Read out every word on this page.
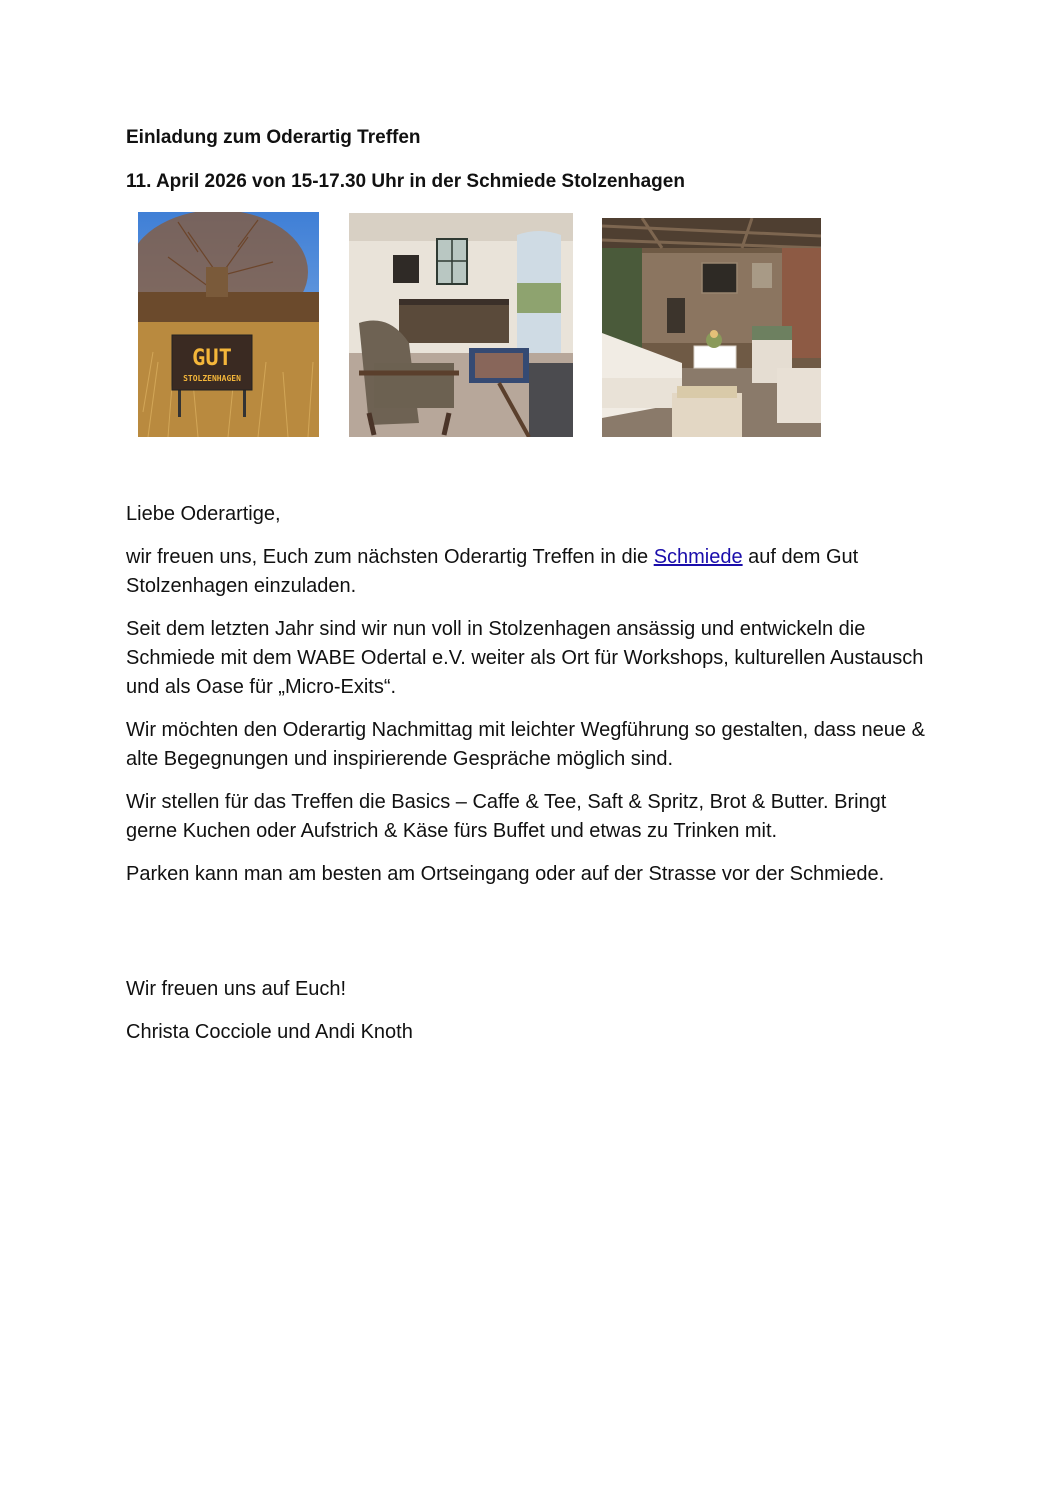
Einladung zum Oderartig Treffen
11. April 2026 von 15-17.30 Uhr in der Schmiede Stolzenhagen
GUT
STOLZENHAGEN

Liebe Oderartige,

wir freuen uns, Euch zum nächsten Oderartig Treffen in die Schmiede auf dem Gut Stolzenhagen einzuladen.

Seit dem letzten Jahr sind wir nun voll in Stolzenhagen ansässig und entwickeln die Schmiede mit dem WABE Odertal e.V. weiter als Ort für Workshops, kulturellen Austausch und als Oase für „Micro-Exits“.

Wir möchten den Oderartig Nachmittag mit leichter Wegführung so gestalten, dass neue & alte Begegnungen und inspirierende Gespräche möglich sind.

Wir stellen für das Treffen die Basics – Caffe & Tee, Saft & Spritz, Brot & Butter. Bringt gerne Kuchen oder Aufstrich & Käse fürs Buffet und etwas zu Trinken mit.

Parken kann man am besten am Ortseingang oder auf der Strasse vor der Schmiede.

Wir freuen uns auf Euch!

Christa Cocciole und Andi Knoth
